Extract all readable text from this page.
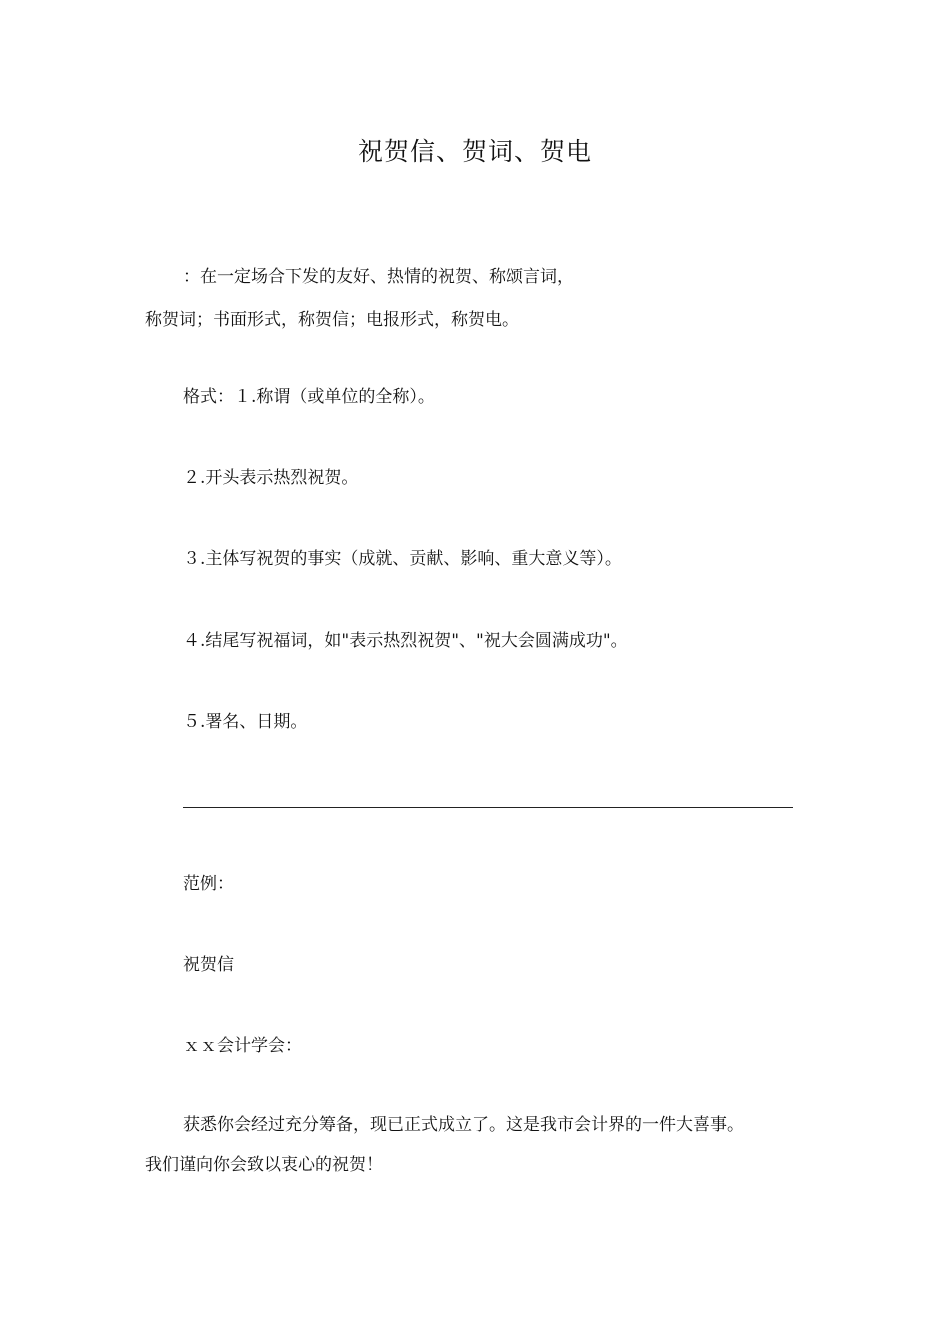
祝贺信、贺词、贺电
：在一定场合下发的友好、热情的祝贺、称颂言词，
称贺词；书面形式，称贺信；电报形式，称贺电。
格式：１.称谓（或单位的全称）。
２.开头表示热烈祝贺。
３.主体写祝贺的事实（成就、贡献、影响、重大意义等）。
４.结尾写祝福词，如"表示热烈祝贺"、"祝大会圆满成功"。
５.署名、日期。
范例：
祝贺信
ｘｘ会计学会：
获悉你会经过充分筹备，现已正式成立了。这是我市会计界的一件大喜事。
我们谨向你会致以衷心的祝贺！
